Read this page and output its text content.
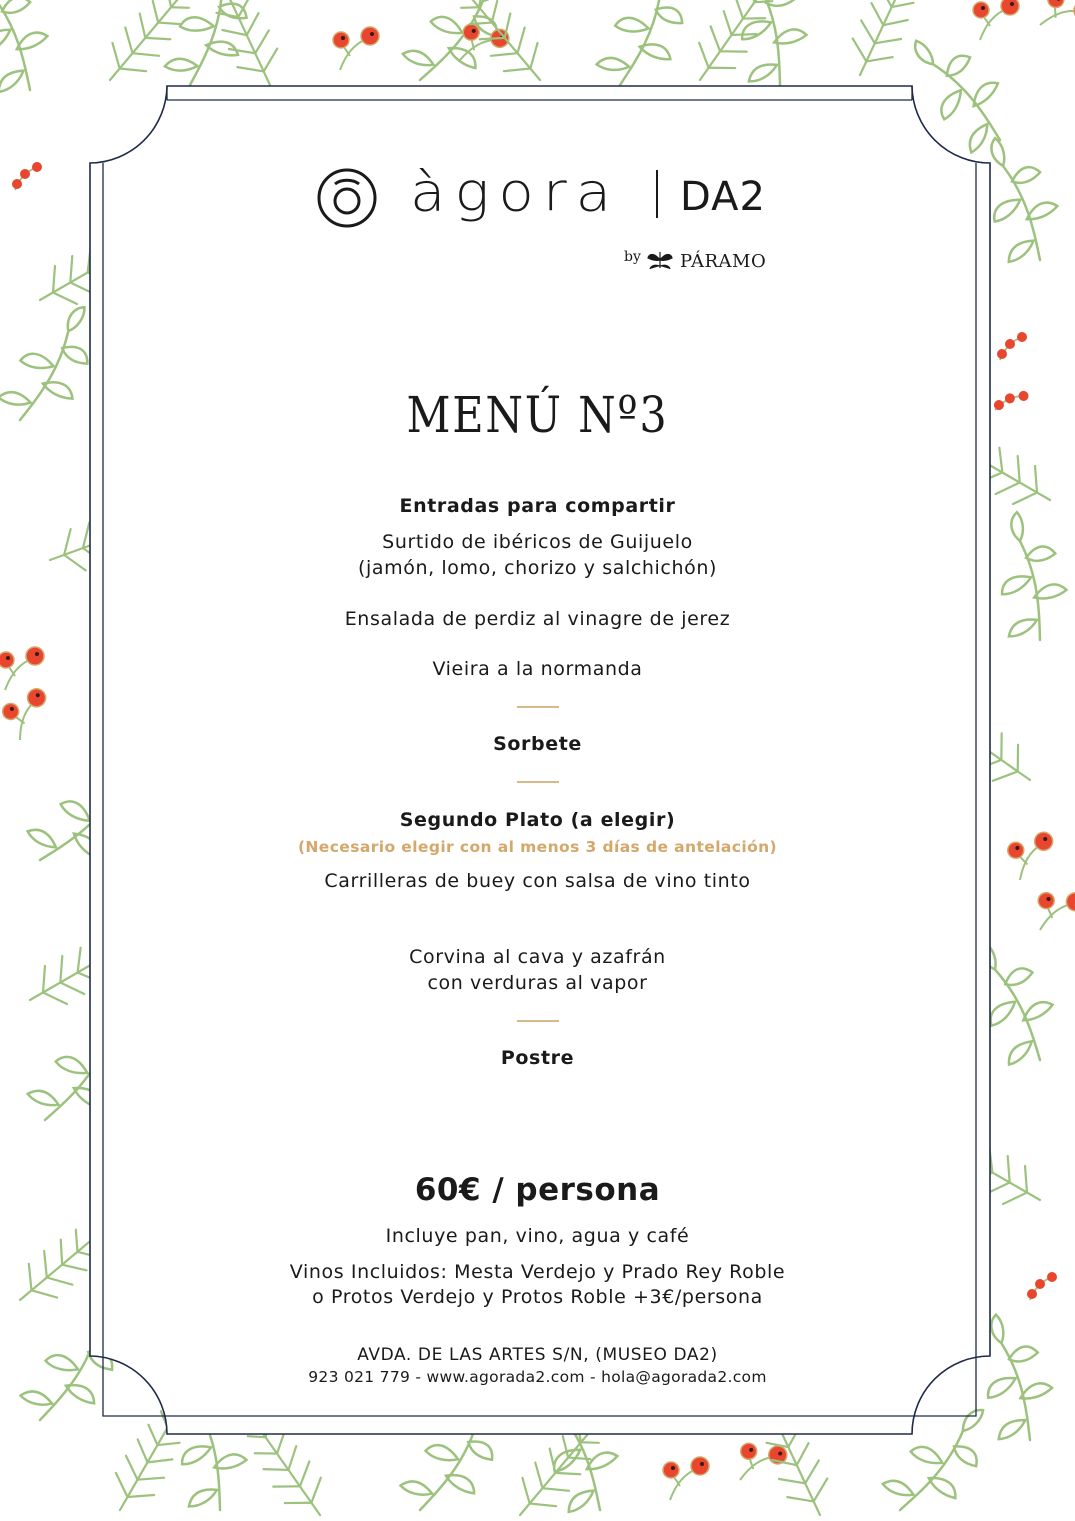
àgora DA2
by PÁRAMO
MENÚ Nº3
Entradas para compartir
Surtido de ibéricos de Guijuelo
(jamón, lomo, chorizo y salchichón)
Ensalada de perdiz al vinagre de jerez
Vieira a la normanda
Sorbete
Segundo Plato (a elegir)
(Necesario elegir con al menos 3 días de antelación)
Carrilleras de buey con salsa de vino tinto
Corvina al cava y azafrán
con verduras al vapor
Postre
60€ / persona
Incluye pan, vino, agua y café
Vinos Incluidos: Mesta Verdejo y Prado Rey Roble
o Protos Verdejo y Protos Roble +3€/persona
AVDA. DE LAS ARTES S/N, (MUSEO DA2)
923 021 779 - www.agorada2.com - hola@agorada2.com
